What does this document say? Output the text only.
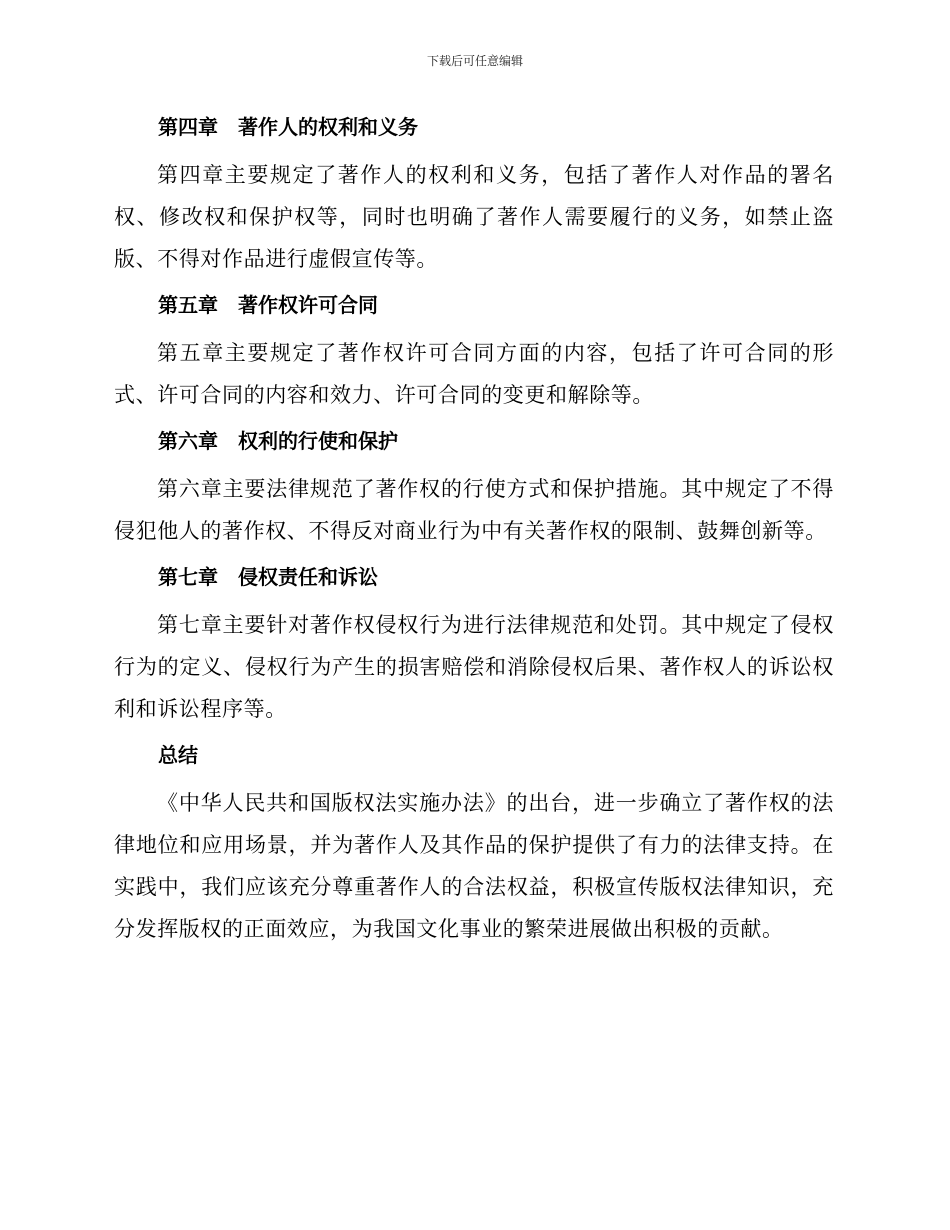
下载后可任意编辑
第四章　著作人的权利和义务

第四章主要规定了著作人的权利和义务，包括了著作人对作品的署名权、修改权和保护权等，同时也明确了著作人需要履行的义务，如禁止盗版、不得对作品进行虚假宣传等。

第五章　著作权许可合同

第五章主要规定了著作权许可合同方面的内容，包括了许可合同的形式、许可合同的内容和效力、许可合同的变更和解除等。

第六章　权利的行使和保护

第六章主要法律规范了著作权的行使方式和保护措施。其中规定了不得侵犯他人的著作权、不得反对商业行为中有关著作权的限制、鼓舞创新等。

第七章　侵权责任和诉讼

第七章主要针对著作权侵权行为进行法律规范和处罚。其中规定了侵权行为的定义、侵权行为产生的损害赔偿和消除侵权后果、著作权人的诉讼权利和诉讼程序等。

总结

《中华人民共和国版权法实施办法》的出台，进一步确立了著作权的法律地位和应用场景，并为著作人及其作品的保护提供了有力的法律支持。在实践中，我们应该充分尊重著作人的合法权益，积极宣传版权法律知识，充分发挥版权的正面效应，为我国文化事业的繁荣进展做出积极的贡献。
